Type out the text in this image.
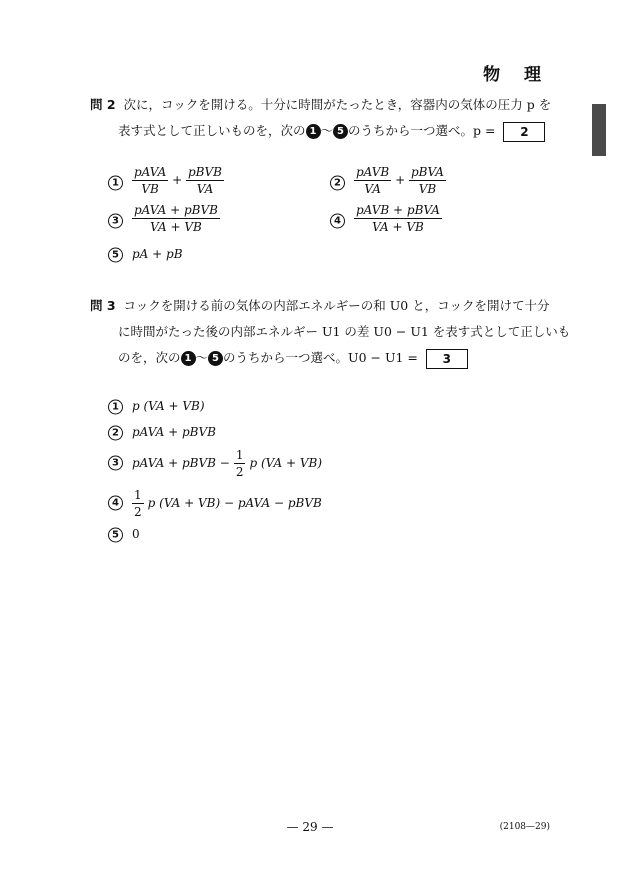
物 理
問 2 次に，コックを開ける。十分に時間がたったとき，容器内の気体の圧力 p を
表す式として正しいものを，次の 1 〜 5 のうちから一つ選べ。p = 2
1	$\frac{\text{pAVA}}{VB} + \frac{\text{pBVB}}{VA}$	2	$\frac{\text{pAVB}}{VA} + \frac{\text{pBVA}}{VB}$
3	$\frac{\text{pAVA + pBVB}}{VA + VB}$	4	$\frac{\text{pAVB + pBVA}}{VA + VB}$
5	pA + pB
問 3 コックを開ける前の気体の内部エネルギーの和 U0 と，コックを開けて十分
に時間がたった後の内部エネルギー U1 の差 U0 − U1 を表す式として正しいも
のを，次の 1 〜 5 のうちから一つ選べ。U0 − U1 = 3
1	p (VA + VB)
2	pAVA + pBVB
3	pAVA + pBVB − $\frac{1}{2}$ p (VA + VB)
4	$\frac{1}{2}$ p (VA + VB) − pAVA − pBVB
5	0
— 29 —	(2108—29)
